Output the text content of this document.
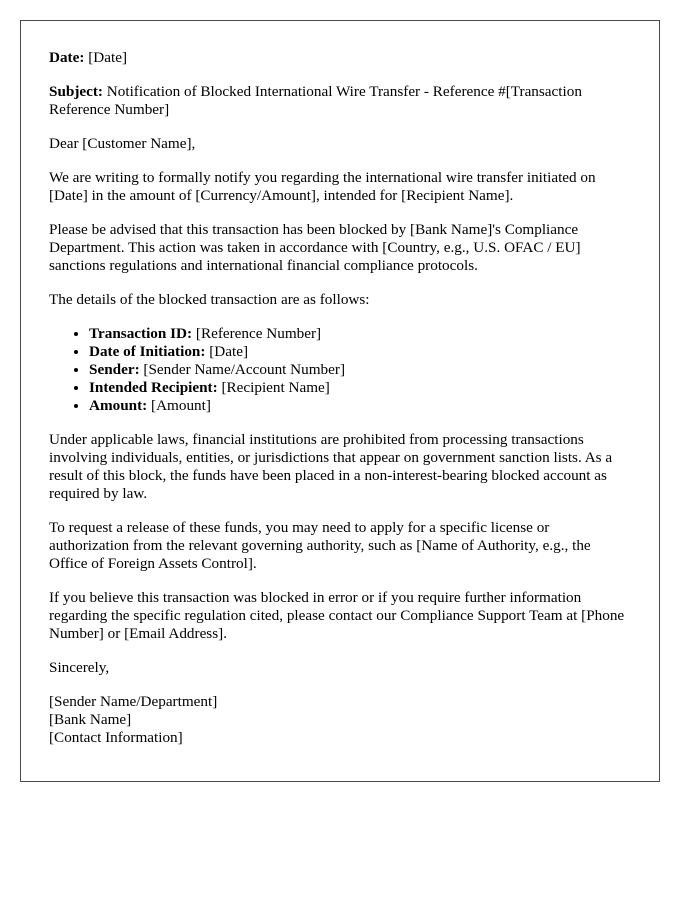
Date: [Date]

Subject: Notification of Blocked International Wire Transfer - Reference #[Transaction Reference Number]

Dear [Customer Name],

We are writing to formally notify you regarding the international wire transfer initiated on [Date] in the amount of [Currency/Amount], intended for [Recipient Name].

Please be advised that this transaction has been blocked by [Bank Name]'s Compliance Department. This action was taken in accordance with [Country, e.g., U.S. OFAC / EU] sanctions regulations and international financial compliance protocols.

The details of the blocked transaction are as follows:

• Transaction ID: [Reference Number]
• Date of Initiation: [Date]
• Sender: [Sender Name/Account Number]
• Intended Recipient: [Recipient Name]
• Amount: [Amount]

Under applicable laws, financial institutions are prohibited from processing transactions involving individuals, entities, or jurisdictions that appear on government sanction lists. As a result of this block, the funds have been placed in a non-interest-bearing blocked account as required by law.

To request a release of these funds, you may need to apply for a specific license or authorization from the relevant governing authority, such as [Name of Authority, e.g., the Office of Foreign Assets Control].

If you believe this transaction was blocked in error or if you require further information regarding the specific regulation cited, please contact our Compliance Support Team at [Phone Number] or [Email Address].

Sincerely,

[Sender Name/Department]
[Bank Name]
[Contact Information]
